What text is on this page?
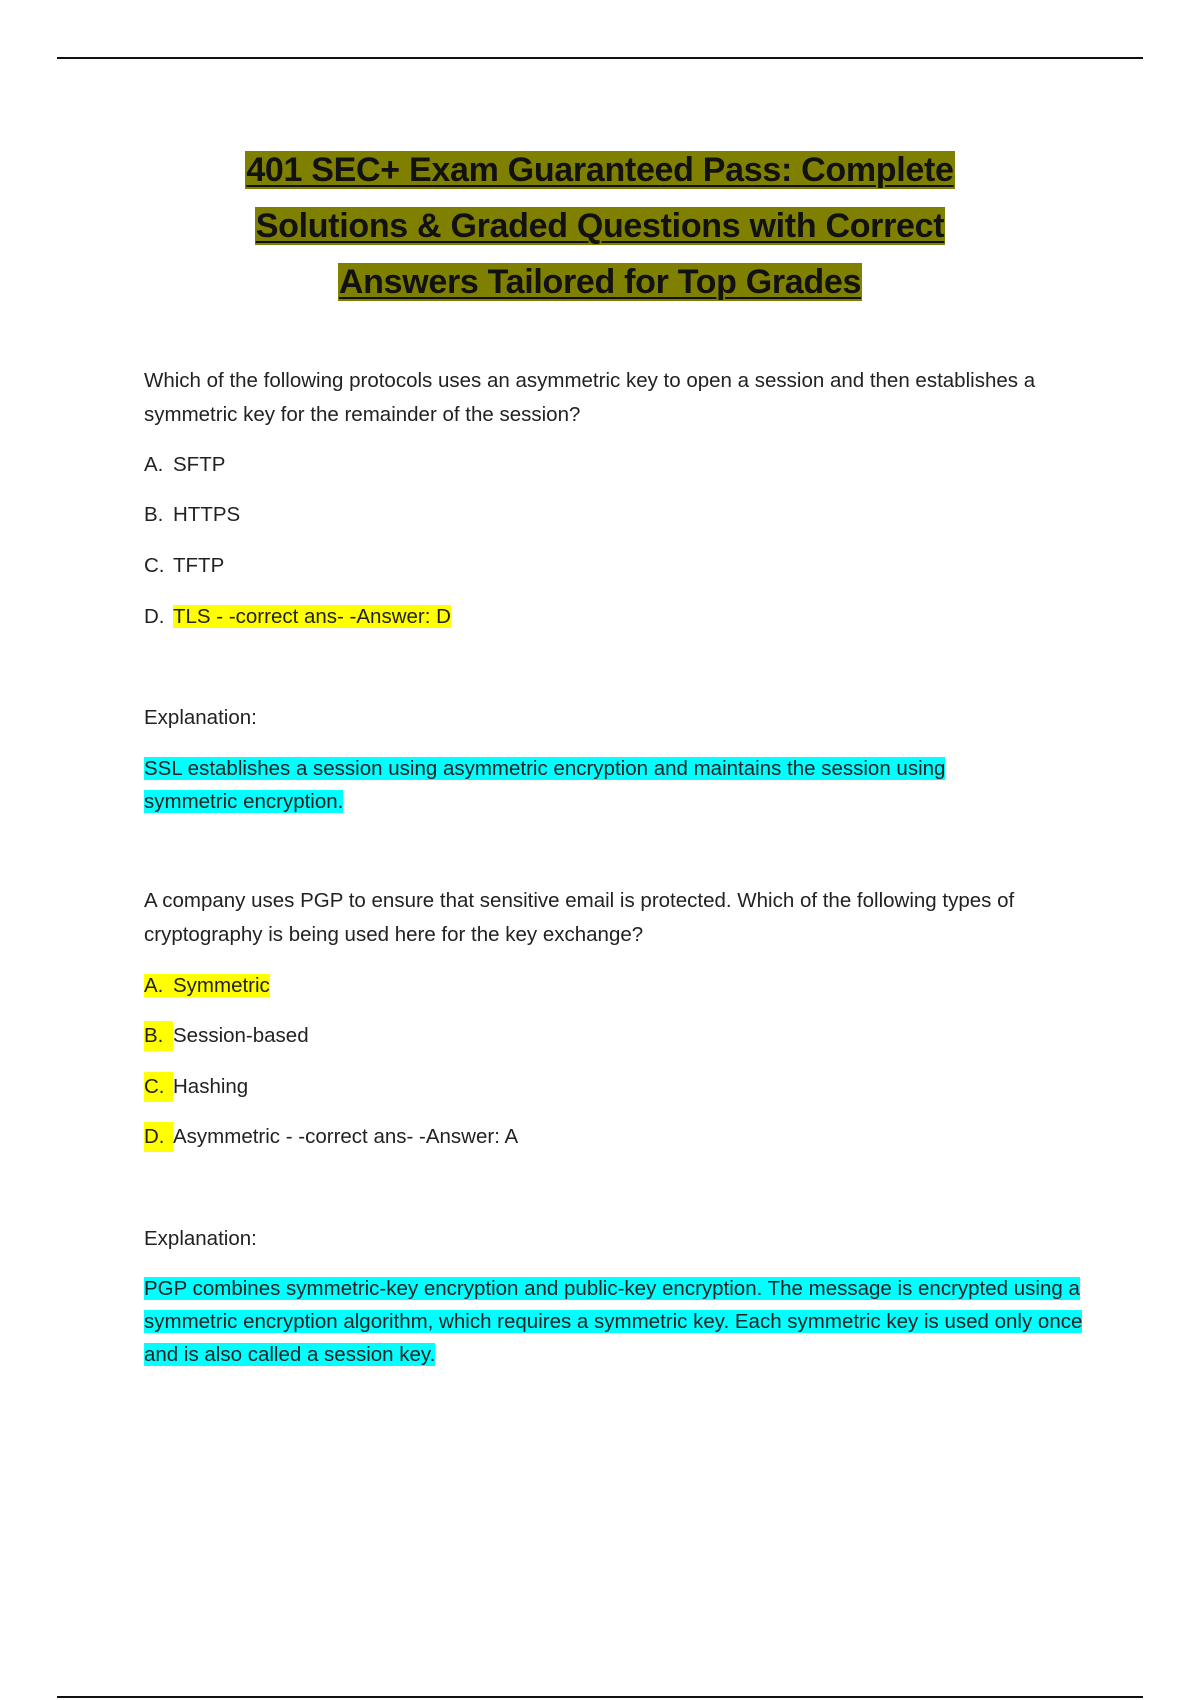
401 SEC+ Exam Guaranteed Pass: Complete
Solutions & Graded Questions with Correct
Answers Tailored for Top Grades

Which of the following protocols uses an asymmetric key to open a session and then establishes a symmetric key for the remainder of the session?

A. SFTP
B. HTTPS
C. TFTP
D. TLS - -correct ans- -Answer: D
Explanation:
SSL establishes a session using asymmetric encryption and maintains the session using symmetric encryption.

A company uses PGP to ensure that sensitive email is protected. Which of the following types of cryptography is being used here for the key exchange?

A. Symmetric
B. Session-based
C. Hashing
D. Asymmetric - -correct ans- -Answer: A
Explanation:
PGP combines symmetric-key encryption and public-key encryption. The message is encrypted using a symmetric encryption algorithm, which requires a symmetric key. Each symmetric key is used only once and is also called a session key.
